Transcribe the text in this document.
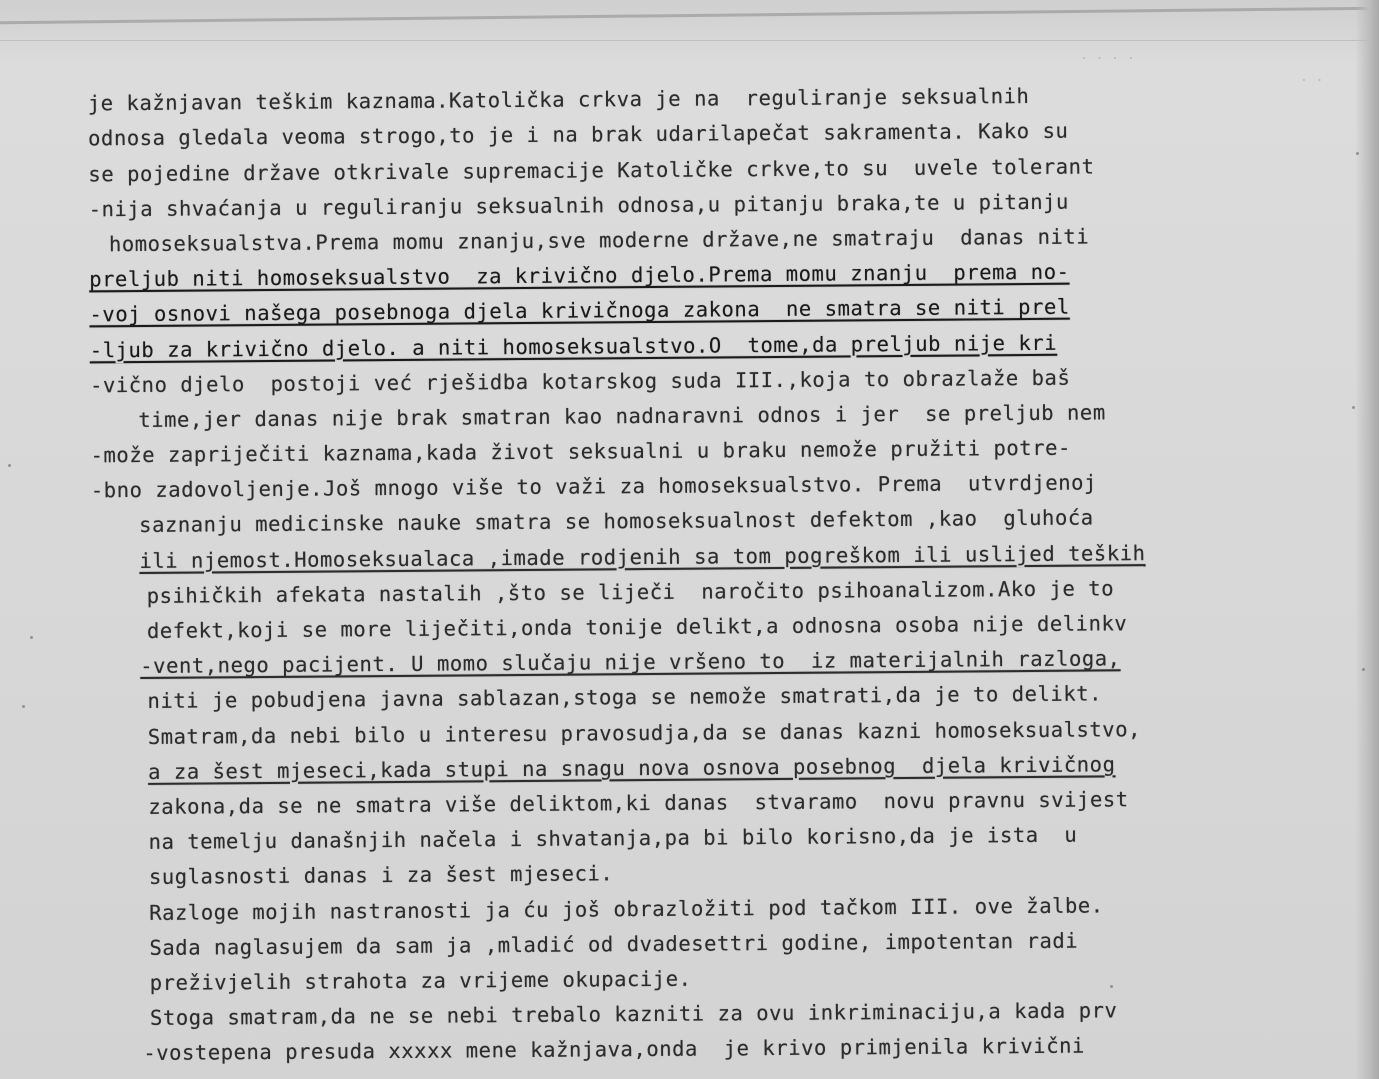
. . . .
. .

je kažnjavan teškim kaznama.Katolička crkva je na  reguliranje seksualnih

odnosa gledala veoma strogo,to je i na brak udarilapečat sakramenta. Kako su

se pojedine države otkrivale supremacije Katoličke crkve,to su  uvele tolerant

-nija shvaćanja u reguliranju seksualnih odnosa,u pitanju braka,te u pitanju

homoseksualstva.Prema momu znanju,sve moderne države,ne smatraju  danas niti

preljub niti homoseksualstvo  za krivično djelo.Prema momu znanju  prema no-

-voj osnovi našega posebnoga djela krivičnoga zakona  ne smatra se niti prel

-ljub za krivično djelo. a niti homoseksualstvo.O  tome,da preljub nije kri

-vično djelo  postoji već rješidba kotarskog suda III.,koja to obrazlaže baš

time,jer danas nije brak smatran kao nadnaravni odnos i jer  se preljub nem

-može zapriječiti kaznama,kada život seksualni u braku nemože pružiti potre-

-bno zadovoljenje.Još mnogo više to važi za homoseksualstvo. Prema  utvrdjenoj

saznanju medicinske nauke smatra se homoseksualnost defektom ,kao  gluhoća

ili njemost.Homoseksualaca ,imade rodjenih sa tom pogreškom ili uslijed teških

psihičkih afekata nastalih ,što se liječi  naročito psihoanalizom.Ako je to

defekt,koji se more liječiti,onda tonije delikt,a odnosna osoba nije delinkv

-vent,nego pacijent. U momo slučaju nije vršeno to  iz materijalnih razloga,

niti je pobudjena javna sablazan,stoga se nemože smatrati,da je to delikt.

Smatram,da nebi bilo u interesu pravosudja,da se danas kazni homoseksualstvo,

a za šest mjeseci,kada stupi na snagu nova osnova posebnog  djela krivičnog

zakona,da se ne smatra više deliktom,ki danas  stvaramo  novu pravnu svijest

na temelju današnjih načela i shvatanja,pa bi bilo korisno,da je ista  u

suglasnosti danas i za šest mjeseci.

Razloge mojih nastranosti ja ću još obrazložiti pod tačkom III. ove žalbe.

Sada naglasujem da sam ja ,mladić od dvadesettri godine, impotentan radi

preživjelih strahota za vrijeme okupacije.

Stoga smatram,da ne se nebi trebalo kazniti za ovu inkriminaciju,a kada prv

-vostepena presuda xxxxx mene kažnjava,onda  je krivo primjenila krivični
